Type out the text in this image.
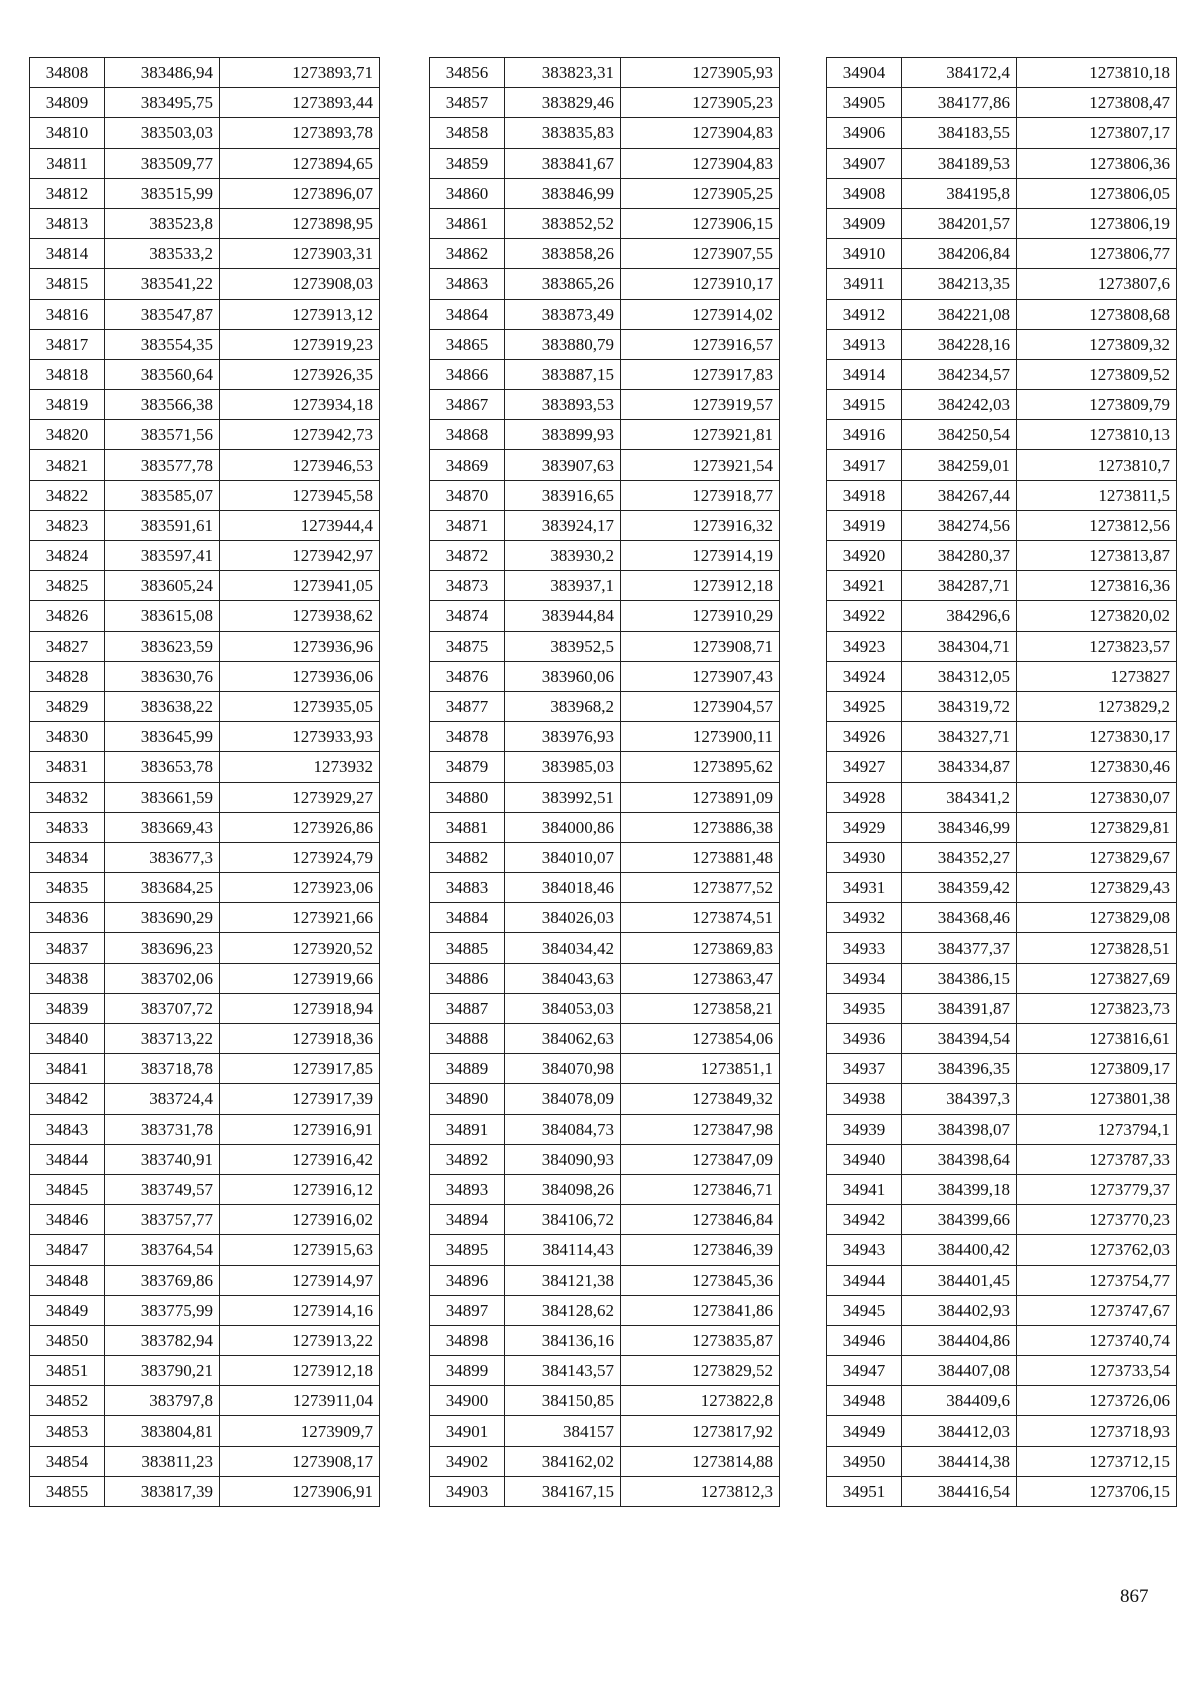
34808	383486,94	1273893,71
34809	383495,75	1273893,44
34810	383503,03	1273893,78
34811	383509,77	1273894,65
34812	383515,99	1273896,07
34813	383523,8	1273898,95
34814	383533,2	1273903,31
34815	383541,22	1273908,03
34816	383547,87	1273913,12
34817	383554,35	1273919,23
34818	383560,64	1273926,35
34819	383566,38	1273934,18
34820	383571,56	1273942,73
34821	383577,78	1273946,53
34822	383585,07	1273945,58
34823	383591,61	1273944,4
34824	383597,41	1273942,97
34825	383605,24	1273941,05
34826	383615,08	1273938,62
34827	383623,59	1273936,96
34828	383630,76	1273936,06
34829	383638,22	1273935,05
34830	383645,99	1273933,93
34831	383653,78	1273932
34832	383661,59	1273929,27
34833	383669,43	1273926,86
34834	383677,3	1273924,79
34835	383684,25	1273923,06
34836	383690,29	1273921,66
34837	383696,23	1273920,52
34838	383702,06	1273919,66
34839	383707,72	1273918,94
34840	383713,22	1273918,36
34841	383718,78	1273917,85
34842	383724,4	1273917,39
34843	383731,78	1273916,91
34844	383740,91	1273916,42
34845	383749,57	1273916,12
34846	383757,77	1273916,02
34847	383764,54	1273915,63
34848	383769,86	1273914,97
34849	383775,99	1273914,16
34850	383782,94	1273913,22
34851	383790,21	1273912,18
34852	383797,8	1273911,04
34853	383804,81	1273909,7
34854	383811,23	1273908,17
34855	383817,39	1273906,91
34856	383823,31	1273905,93
34857	383829,46	1273905,23
34858	383835,83	1273904,83
34859	383841,67	1273904,83
34860	383846,99	1273905,25
34861	383852,52	1273906,15
34862	383858,26	1273907,55
34863	383865,26	1273910,17
34864	383873,49	1273914,02
34865	383880,79	1273916,57
34866	383887,15	1273917,83
34867	383893,53	1273919,57
34868	383899,93	1273921,81
34869	383907,63	1273921,54
34870	383916,65	1273918,77
34871	383924,17	1273916,32
34872	383930,2	1273914,19
34873	383937,1	1273912,18
34874	383944,84	1273910,29
34875	383952,5	1273908,71
34876	383960,06	1273907,43
34877	383968,2	1273904,57
34878	383976,93	1273900,11
34879	383985,03	1273895,62
34880	383992,51	1273891,09
34881	384000,86	1273886,38
34882	384010,07	1273881,48
34883	384018,46	1273877,52
34884	384026,03	1273874,51
34885	384034,42	1273869,83
34886	384043,63	1273863,47
34887	384053,03	1273858,21
34888	384062,63	1273854,06
34889	384070,98	1273851,1
34890	384078,09	1273849,32
34891	384084,73	1273847,98
34892	384090,93	1273847,09
34893	384098,26	1273846,71
34894	384106,72	1273846,84
34895	384114,43	1273846,39
34896	384121,38	1273845,36
34897	384128,62	1273841,86
34898	384136,16	1273835,87
34899	384143,57	1273829,52
34900	384150,85	1273822,8
34901	384157	1273817,92
34902	384162,02	1273814,88
34903	384167,15	1273812,3
34904	384172,4	1273810,18
34905	384177,86	1273808,47
34906	384183,55	1273807,17
34907	384189,53	1273806,36
34908	384195,8	1273806,05
34909	384201,57	1273806,19
34910	384206,84	1273806,77
34911	384213,35	1273807,6
34912	384221,08	1273808,68
34913	384228,16	1273809,32
34914	384234,57	1273809,52
34915	384242,03	1273809,79
34916	384250,54	1273810,13
34917	384259,01	1273810,7
34918	384267,44	1273811,5
34919	384274,56	1273812,56
34920	384280,37	1273813,87
34921	384287,71	1273816,36
34922	384296,6	1273820,02
34923	384304,71	1273823,57
34924	384312,05	1273827
34925	384319,72	1273829,2
34926	384327,71	1273830,17
34927	384334,87	1273830,46
34928	384341,2	1273830,07
34929	384346,99	1273829,81
34930	384352,27	1273829,67
34931	384359,42	1273829,43
34932	384368,46	1273829,08
34933	384377,37	1273828,51
34934	384386,15	1273827,69
34935	384391,87	1273823,73
34936	384394,54	1273816,61
34937	384396,35	1273809,17
34938	384397,3	1273801,38
34939	384398,07	1273794,1
34940	384398,64	1273787,33
34941	384399,18	1273779,37
34942	384399,66	1273770,23
34943	384400,42	1273762,03
34944	384401,45	1273754,77
34945	384402,93	1273747,67
34946	384404,86	1273740,74
34947	384407,08	1273733,54
34948	384409,6	1273726,06
34949	384412,03	1273718,93
34950	384414,38	1273712,15
34951	384416,54	1273706,15
867
